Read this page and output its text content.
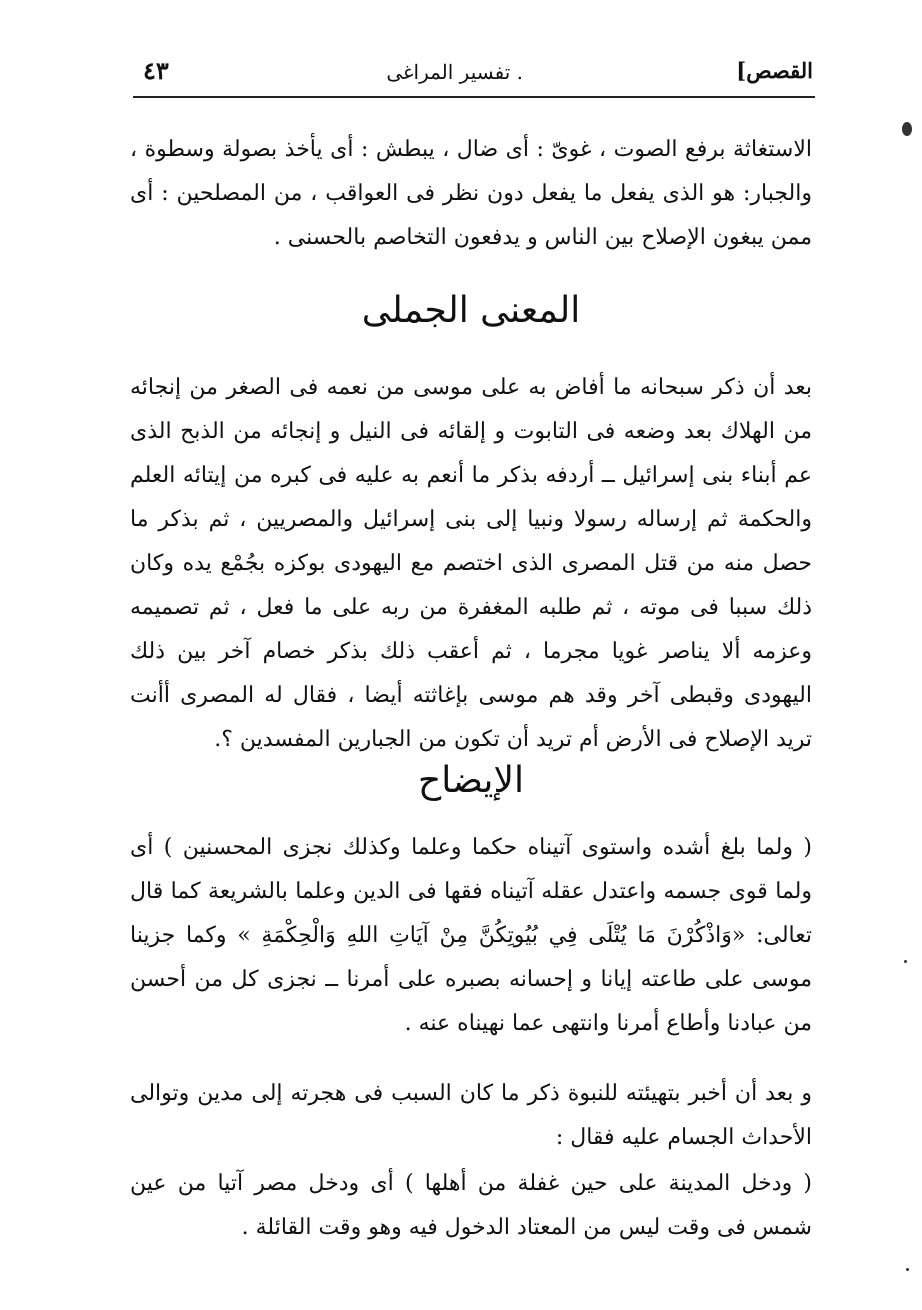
القصص]
. تفسير المراغى
٤٣
الاستغاثة برفع الصوت ، غوىّ : أى ضال ، يبطش : أى يأخذ بصولة وسطوة ، والجبار: هو الذى يفعل ما يفعل دون نظر فى العواقب ، من المصلحين : أى ممن يبغون الإصلاح بين الناس و يدفعون التخاصم بالحسنى .
المعنى الجملى
بعد أن ذكر سبحانه ما أفاض به على موسى من نعمه فى الصغر من إنجائه من الهلاك بعد وضعه فى التابوت و إلقائه فى النيل و إنجائه من الذبح الذى عم أبناء بنى إسرائيل ــ أردفه بذكر ما أنعم به عليه فى كبره من إيتائه العلم والحكمة ثم إرساله رسولا ونبيا إلى بنى إسرائيل والمصريين ، ثم بذكر ما حصل منه من قتل المصرى الذى اختصم مع اليهودى بوكزه بجُمْع يده وكان ذلك سببا فى موته ، ثم طلبه المغفرة من ربه على ما فعل ، ثم تصميمه وعزمه ألا يناصر غويا مجرما ، ثم أعقب ذلك بذكر خصام آخر بين ذلك اليهودى وقبطى آخر وقد هم موسى بإغاثته أيضا ، فقال له المصرى أأنت تريد الإصلاح فى الأرض أم تريد أن تكون من الجبارين المفسدين ؟.
الإيضاح
( ولما بلغ أشده واستوى آتيناه حكما وعلما وكذلك نجزى المحسنين ) أى ولما قوى جسمه واعتدل عقله آتيناه فقها فى الدين وعلما بالشريعة كما قال تعالى: «وَاذْكُرْنَ مَا يُتْلَى فِي بُيُوتِكُنَّ مِنْ آيَاتِ اللهِ وَالْحِكْمَةِ » وكما جزينا موسى على طاعته إيانا و إحسانه بصبره على أمرنا ــ نجزى كل من أحسن من عبادنا وأطاع أمرنا وانتهى عما نهيناه عنه .
و بعد أن أخبر بتهيئته للنبوة ذكر ما كان السبب فى هجرته إلى مدين وتوالى الأحداث الجسام عليه فقال :
( ودخل المدينة على حين غفلة من أهلها ) أى ودخل مصر آتيا من عين شمس فى وقت ليس من المعتاد الدخول فيه وهو وقت القائلة .
